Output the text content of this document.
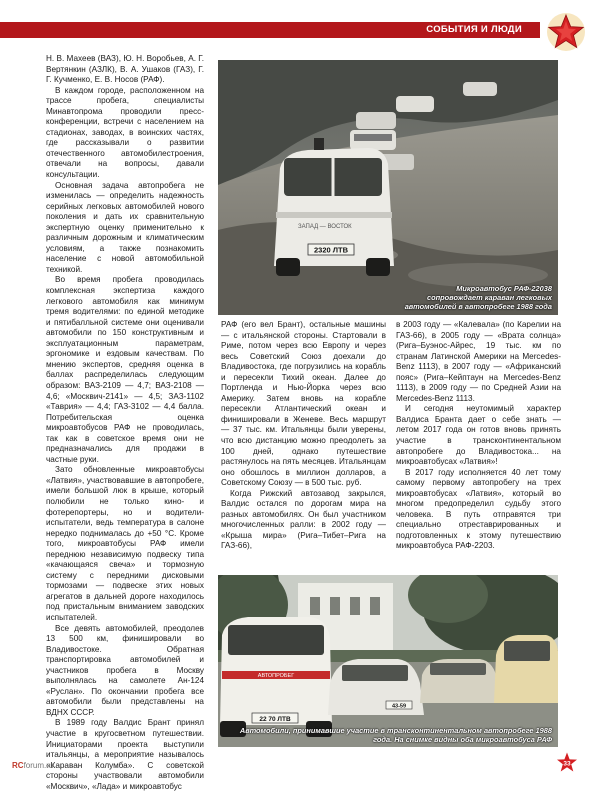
СОБЫТИЯ И ЛЮДИ

Н. В. Махеев (ВАЗ), Ю. Н. Воробьев, А. Г. Вертянкин (АЗЛК), В. А. Ушаков (ГАЗ), Г. Г. Кучменко, Е. В. Носов (РАФ).

В каждом городе, расположенном на трассе пробега, специалисты Минавтопрома проводили пресс-конференции, встречи с населением на стадионах, заводах, в воинских частях, где рассказывали о развитии отечественного автомобилестроения, отвечали на вопросы, давали консультации.

Основная задача автопробега не изменилась — определить надежность серийных легковых автомобилей нового поколения и дать их сравнительную экспертную оценку применительно к различным дорожным и климатическим условиям, а также познакомить население с новой автомобильной техникой.

Во время пробега проводилась комплексная экспертиза каждого легкового автомобиля как минимум тремя водителями: по единой методике и пятибалльной системе они оценивали автомобили по 150 конструктивным и эксплуатационным параметрам, эргономике и ездовым качествам. По мнению экспертов, средняя оценка в баллах распределилась следующим образом: ВАЗ-2109 — 4,7; ВАЗ-2108 — 4,6; «Москвич-2141» — 4,5; ЗАЗ-1102 «Таврия» — 4,4; ГАЗ-3102 — 4,4 балла. Потребительская оценка микроавтобусов РАФ не проводилась, так как в советское время они не предназначались для продажи в частные руки.

Зато обновленные микроавтобусы «Латвия», участвовавшие в автопробеге, имели большой люк в крыше, который полюбили не только кино- и фотерепортеры, но и водители-испытатели, ведь температура в салоне нередко поднималась до +50 °С. Кроме того, микроавтобусы РАФ имели переднюю независимую подвеску типа «качающаяся свеча» и тормозную систему с передними дисковыми тормозами — подвеске этих новых агрегатов в дальней дороге находилось под пристальным вниманием заводских испытателей.

Все девять автомобилей, преодолев 13 500 км, финишировали во Владивостоке. Обратная транспортировка автомобилей и участников пробега в Москву выполнялась на самолете Ан-124 «Руслан». По окончании пробега все автомобили были представлены на ВДНХ СССР.

В 1989 году Валдис Брант принял участие в кругосветном путешествии. Инициаторами проекта выступили итальянцы, а мероприятие называлось «Караван Колумба». С советской стороны участвовали автомобили «Москвич», «Лада» и микроавтобус

ЗАПАД — ВОСТОК
2320 ЛТВ
Микроавтобус РАФ-22038 сопровождает караван легковых автомобилей в автопробеге 1988 года

РАФ (его вел Брант), остальные машины — с итальянской стороны. Стартовали в Риме, потом через всю Европу и через весь Советский Союз доехали до Владивостока, где погрузились на корабль и пересекли Тихий океан. Далее до Портленда и Нью-Йорка через всю Америку. Затем вновь на корабле пересекли Атлантический океан и финишировали в Женеве. Весь маршрут — 37 тыс. км. Итальянцы были уверены, что всю дистанцию можно преодолеть за 100 дней, однако путешествие растянулось на пять месяцев. Итальянцам оно обошлось в миллион долларов, а Советскому Союзу — в 500 тыс. руб.

Когда Рижский автозавод закрылся, Валдис остался по дорогам мира на разных автомобилях. Он был участником многочисленных ралли: в 2002 году — «Крыша мира» (Рига–Тибет–Рига на ГАЗ-66),

в 2003 году — «Калевала» (по Карелии на ГАЗ-66), в 2005 году — «Врата солнца» (Рига–Буэнос-Айрес, 19 тыс. км по странам Латинской Америки на Mercedes-Benz 1113), в 2007 году — «Африканский пояс» (Рига–Кейптаун на Mercedes-Benz 1113), в 2009 году — по Средней Азии на Mercedes-Benz 1113.

И сегодня неутомимый характер Валдиса Бранта дает о себе знать — летом 2017 года он готов вновь принять участие в трансконтинентальном автопробеге до Владивостока... на микроавтобусах «Латвия»!

В 2017 году исполняется 40 лет тому самому первому автопробегу на трех микроавтобусах «Латвия», который во многом предопределил судьбу этого человека. В путь отправятся три специально отреставрированных и подготовленных к этому путешествию микроавтобуса РАФ-2203.

АВТОПРОБЕГ
22 70 ЛТВ
43-59
Автомобили, принимавшие участие в трансконтинентальном автопробеге 1988 года. На снимке видны оба микроавтобуса РАФ
RCforum.ru	33
